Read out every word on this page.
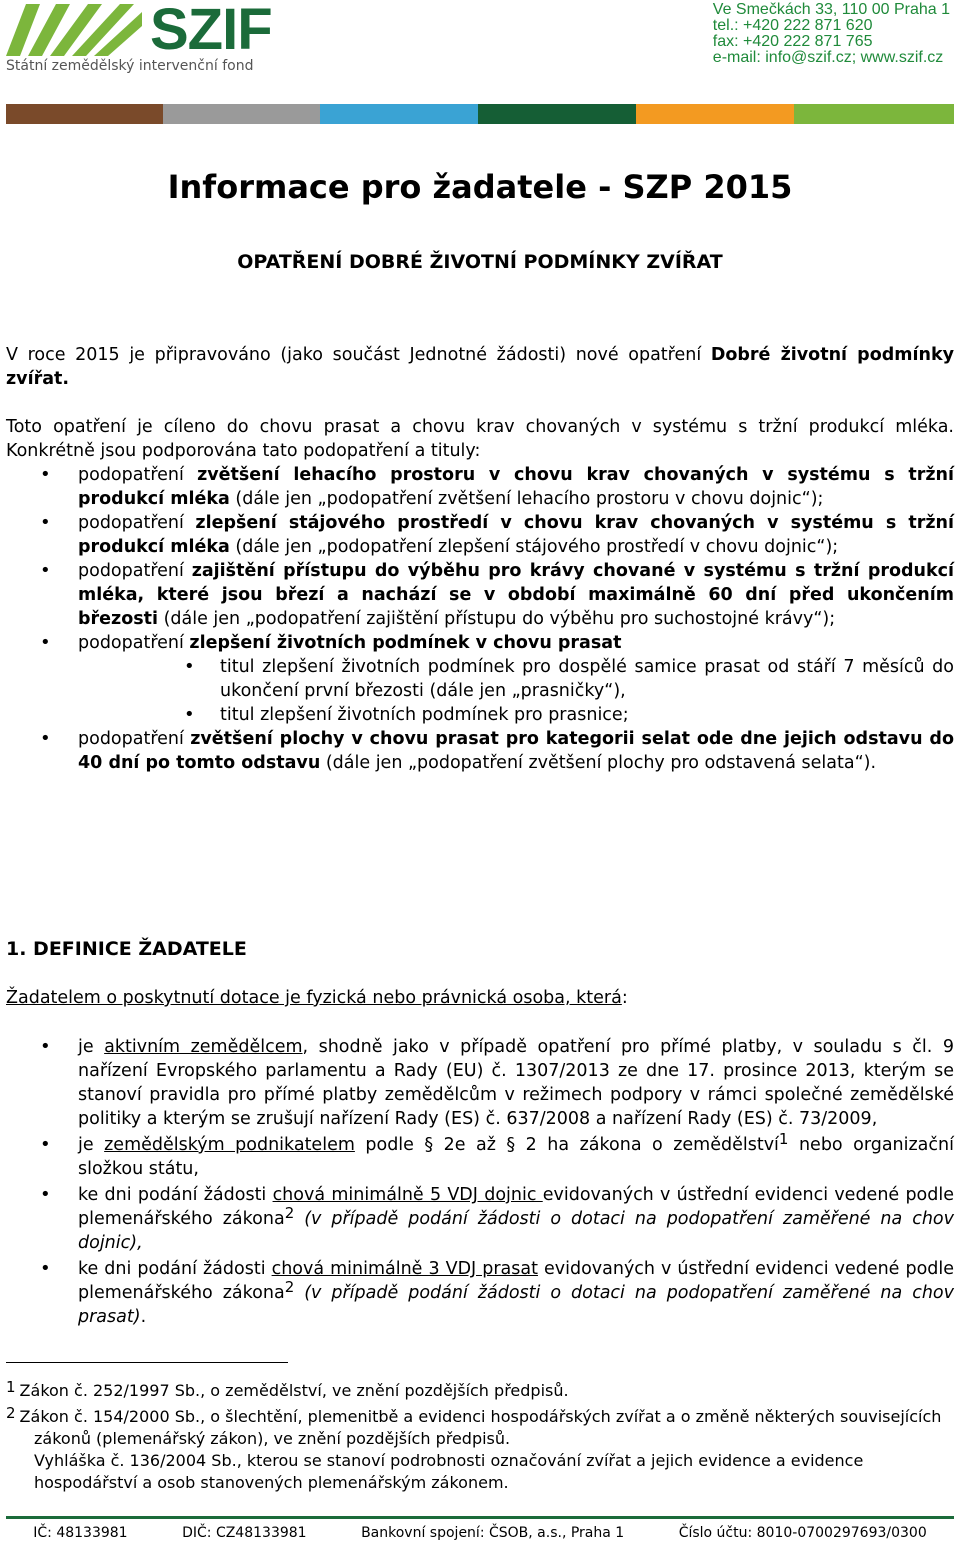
SZIF
Státní zemědělský intervenční fond
Ve Smečkách 33, 110 00 Praha 1
tel.: +420 222 871 620
fax: +420 222 871 765
e-mail: info@szif.cz; www.szif.cz
Informace pro žadatele - SZP 2015
OPATŘENÍ DOBRÉ ŽIVOTNÍ PODMÍNKY ZVÍŘAT
V roce 2015 je připravováno (jako součást Jednotné žádosti) nové opatření Dobré životní podmínky zvířat.
Toto opatření je cíleno do chovu prasat a chovu krav chovaných v systému s tržní produkcí mléka. Konkrétně jsou podporována tato podopatření a tituly:
• podopatření zvětšení lehacího prostoru v chovu krav chovaných v systému s tržní produkcí mléka (dále jen „podopatření zvětšení lehacího prostoru v chovu dojnic“);
• podopatření zlepšení stájového prostředí v chovu krav chovaných v systému s tržní produkcí mléka (dále jen „podopatření zlepšení stájového prostředí v chovu dojnic“);
• podopatření zajištění přístupu do výběhu pro krávy chované v systému s tržní produkcí mléka, které jsou březí a nachází se v období maximálně 60 dní před ukončením březosti (dále jen „podopatření zajištění přístupu do výběhu pro suchostojné krávy“);
• podopatření zlepšení životních podmínek v chovu prasat
• titul zlepšení životních podmínek pro dospělé samice prasat od stáří 7 měsíců do ukončení první březosti (dále jen „prasničky“),
• titul zlepšení životních podmínek pro prasnice;
• podopatření zvětšení plochy v chovu prasat pro kategorii selat ode dne jejich odstavu do 40 dní po tomto odstavu (dále jen „podopatření zvětšení plochy pro odstavená selata“).
1. DEFINICE ŽADATELE
Žadatelem o poskytnutí dotace je fyzická nebo právnická osoba, která:
• je aktivním zemědělcem, shodně jako v případě opatření pro přímé platby, v souladu s čl. 9 nařízení Evropského parlamentu a Rady (EU) č. 1307/2013 ze dne 17. prosince 2013, kterým se stanoví pravidla pro přímé platby zemědělcům v režimech podpory v rámci společné zemědělské politiky a kterým se zrušují nařízení Rady (ES) č. 637/2008 a nařízení Rady (ES) č. 73/2009,
• je zemědělským podnikatelem podle § 2e až § 2 ha zákona o zemědělství$^1$ nebo organizační složkou státu,
• ke dni podání žádosti chová minimálně 5 VDJ dojnic evidovaných v ústřední evidenci vedené podle plemenářského zákona$^2$ (v případě podání žádosti o dotaci na podopatření zaměřené na chov dojnic),
• ke dni podání žádosti chová minimálně 3 VDJ prasat evidovaných v ústřední evidenci vedené podle plemenářského zákona$^2$ (v případě podání žádosti o dotaci na podopatření zaměřené na chov prasat).
$^1$ Zákon č. 252/1997 Sb., o zemědělství, ve znění pozdějších předpisů.
$^2$ Zákon č. 154/2000 Sb., o šlechtění, plemenitbě a evidenci hospodářských zvířat a o změně některých souvisejících zákonů (plemenářský zákon), ve znění pozdějších předpisů.
Vyhláška č. 136/2004 Sb., kterou se stanoví podrobnosti označování zvířat a jejich evidence a evidence hospodářství a osob stanovených plemenářským zákonem.
IČ: 48133981	DIČ: CZ48133981	Bankovní spojení: ČSOB, a.s., Praha 1	Číslo účtu: 8010-0700297693/0300
